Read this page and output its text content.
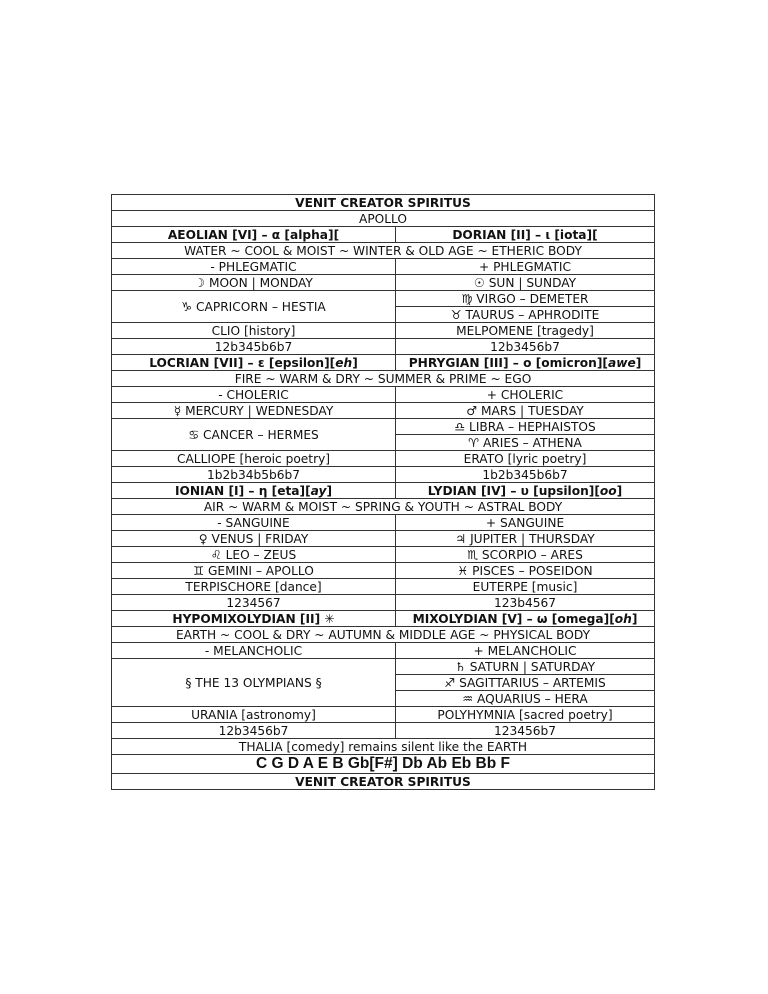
VENIT CREATOR SPIRITUS	
APOLLO	
AEOLIAN [VI] – α [alpha][	DORIAN [II] – ι [iota][
WATER ~ COOL & MOIST ~ WINTER & OLD AGE ~ ETHERIC BODY	
- PHLEGMATIC	+ PHLEGMATIC
☽ MOON | MONDAY	☉ SUN | SUNDAY
♑ CAPRICORN – HESTIA	♍ VIRGO – DEMETER
	♉ TAURUS – APHRODITE
CLIO [history]	MELPOMENE [tragedy]
12b345b6b7	12b3456b7
LOCRIAN [VII] – ε [epsilon][eh]	PHRYGIAN [III] – ο [omicron][awe]
FIRE ~ WARM & DRY ~ SUMMER & PRIME ~ EGO	
- CHOLERIC	+ CHOLERIC
☿ MERCURY | WEDNESDAY	♂ MARS | TUESDAY
♋ CANCER – HERMES	♎ LIBRA – HEPHAISTOS
	♈ ARIES – ATHENA
CALLIOPE [heroic poetry]	ERATO [lyric poetry]
1b2b34b5b6b7	1b2b345b6b7
IONIAN [I] – η [eta][ay]	LYDIAN [IV] – υ [upsilon][oo]
AIR ~ WARM & MOIST ~ SPRING & YOUTH ~ ASTRAL BODY	
- SANGUINE	+ SANGUINE
♀ VENUS | FRIDAY	♃ JUPITER | THURSDAY
♌ LEO – ZEUS	♏ SCORPIO – ARES
♊ GEMINI – APOLLO	♓ PISCES – POSEIDON
TERPISCHORE [dance]	EUTERPE [music]
1234567	123b4567
HYPOMIXOLYDIAN [II] ✳	MIXOLYDIAN [V] – ω [omega][oh]
EARTH ~ COOL & DRY ~ AUTUMN & MIDDLE AGE ~ PHYSICAL BODY	
- MELANCHOLIC	+ MELANCHOLIC
§ THE 13 OLYMPIANS §	♄ SATURN | SATURDAY
	♐ SAGITTARIUS – ARTEMIS
	♒ AQUARIUS – HERA
URANIA [astronomy]	POLYHYMNIA [sacred poetry]
12b3456b7	123456b7
THALIA [comedy] remains silent like the EARTH	
C G D A E B Gb[F#] Db Ab Eb Bb F	
VENIT CREATOR SPIRITUS	
